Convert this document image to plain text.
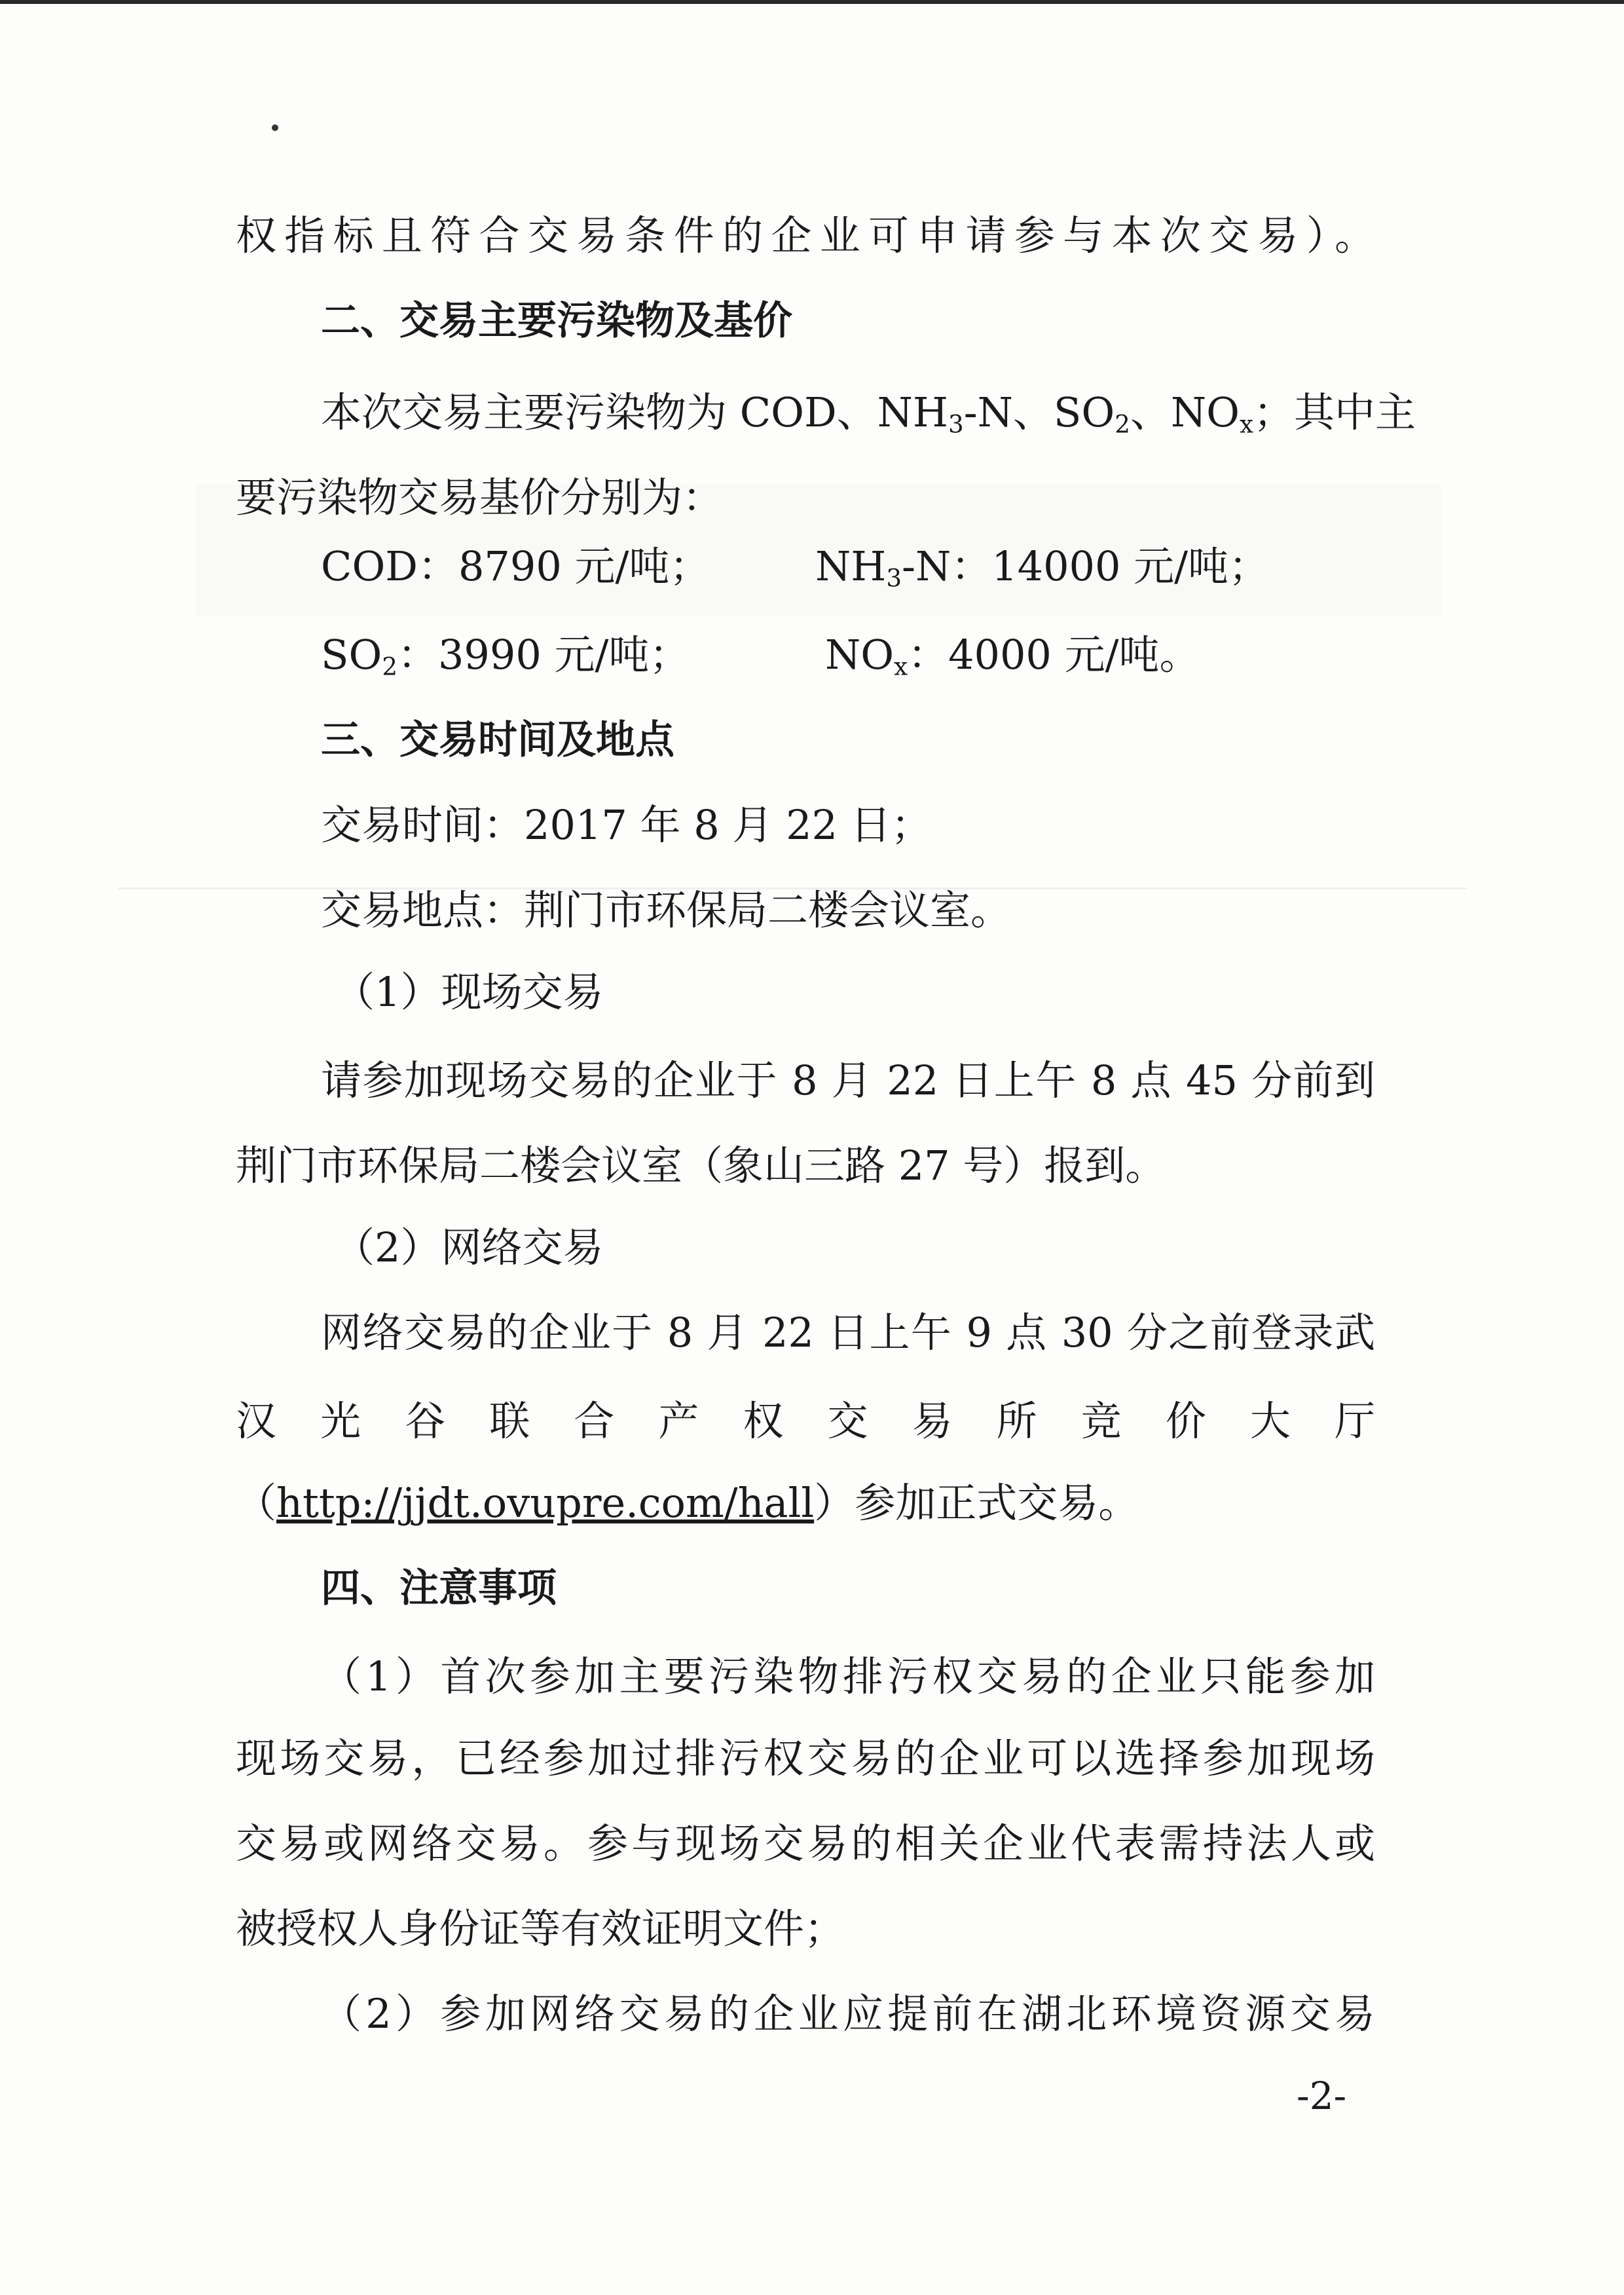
权指标且符合交易条件的企业可申请参与本次交易）。
二、交易主要污染物及基价
本次交易主要污染物为 COD、$NH_3-N$、$SO_2$、$NO_x$；其中主
要污染物交易基价分别为：
COD：8790 元/吨；	$NH_3-N$：14000 元/吨；
$SO_2$：3990 元/吨；	$NO_x$：4000 元/吨。
三、交易时间及地点
交易时间：2017 年 8 月 22 日；
交易地点：荆门市环保局二楼会议室。
（1）现场交易
请参加现场交易的企业于 8 月 22 日上午 8 点 45 分前到
荆门市环保局二楼会议室（象山三路 27 号）报到。
（2）网络交易
网络交易的企业于 8 月 22 日上午 9 点 30 分之前登录武
汉 光 谷 联 合 产 权 交 易 所 竞 价 大 厅
（http://jjdt.ovupre.com/hall）参加正式交易。
四、注意事项
（1）首次参加主要污染物排污权交易的企业只能参加
现场交易，已经参加过排污权交易的企业可以选择参加现场
交易或网络交易。参与现场交易的相关企业代表需持法人或
被授权人身份证等有效证明文件；
（2）参加网络交易的企业应提前在湖北环境资源交易
-2-
